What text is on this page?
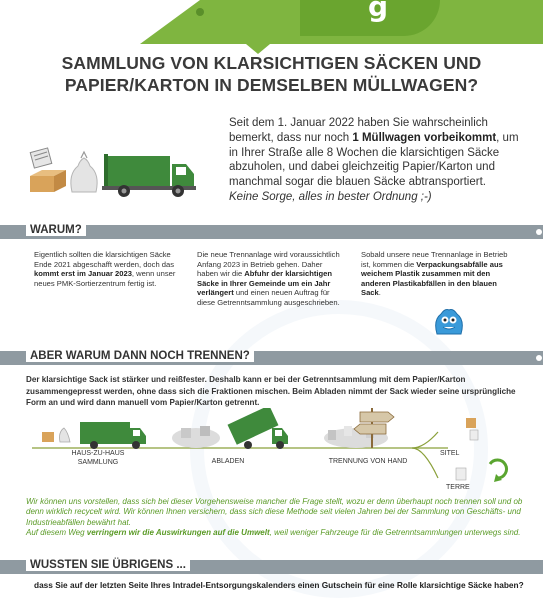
g
SAMMLUNG VON KLARSICHTIGEN SÄCKEN UND PAPIER/KARTON IN DEMSELBEN MÜLLWAGEN?
Seit dem 1. Januar 2022 haben Sie wahrscheinlich bemerkt, dass nur noch 1 Müllwagen vorbeikommt, um in Ihrer Straße alle 8 Wochen die klarsichtigen Säcke abzuholen, und dabei gleichzeitig Papier/Karton und manchmal sogar die blauen Säcke abtransportiert.
Keine Sorge, alles in bester Ordnung ;-)
WARUM?
Eigentlich sollten die klarsichtigen Säcke Ende 2021 abgeschafft werden, doch das kommt erst im Januar 2023, wenn unser neues PMK-Sortierzentrum fertig ist.
Die neue Trennanlage wird voraussichtlich Anfang 2023 in Betrieb gehen. Daher haben wir die Abfuhr der klarsichtigen Säcke in Ihrer Gemeinde um ein Jahr verlängert und einen neuen Auftrag für diese Getrenntsammlung ausgeschrieben.
Sobald unsere neue Trennanlage in Betrieb ist, kommen die Verpackungsabfälle aus weichem Plastik zusammen mit den anderen Plastikabfällen in den blauen Sack.
ABER WARUM DANN NOCH TRENNEN?
Der klarsichtige Sack ist stärker und reißfester. Deshalb kann er bei der Getrenntsammlung mit dem Papier/Karton zusammengepresst werden, ohne dass sich die Fraktionen mischen. Beim Abladen nimmt der Sack wieder seine ursprüngliche Form an und wird dann manuell vom Papier/Karton getrennt.
HAUS-ZU-HAUS
SAMMLUNG	ABLADEN	TRENNUNG VON HAND
SITEL
TERRE
Wir können uns vorstellen, dass sich bei dieser Vorgehensweise mancher die Frage stellt, wozu er denn überhaupt noch trennen soll und ob denn wirklich recycelt wird. Wir können Ihnen versichern, dass sich diese Methode seit vielen Jahren bei der Sammlung von Geschäfts- und Industrieabfällen bewährt hat.
Auf diesem Weg verringern wir die Auswirkungen auf die Umwelt, weil weniger Fahrzeuge für die Getrenntsammlungen unterwegs sind.
WUSSTEN SIE ÜBRIGENS ...
dass Sie auf der letzten Seite Ihres Intradel-Entsorgungskalenders einen Gutschein für eine Rolle klarsichtige Säcke haben?
